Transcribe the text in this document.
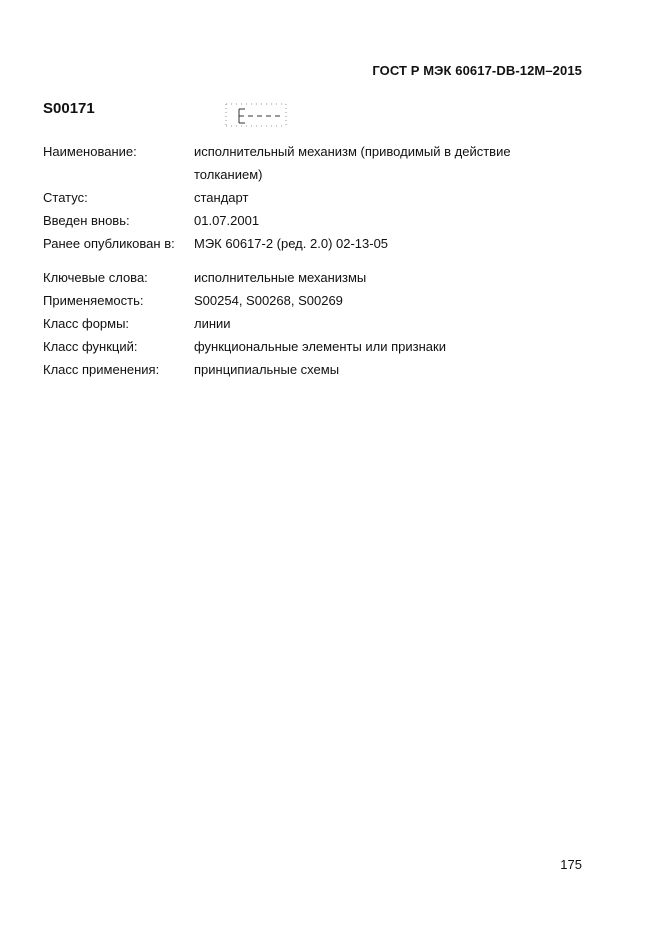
ГОСТ Р МЭК 60617-DB-12M–2015
S00171
Наименование:	исполнительный механизм (приводимый в действие толканием)
Статус:	стандарт
Введен вновь:	01.07.2001
Ранее опубликован в:	МЭК 60617-2 (ред. 2.0) 02-13-05
Ключевые слова:	исполнительные механизмы
Применяемость:	S00254, S00268, S00269
Класс формы:	линии
Класс функций:	функциональные элементы или признаки
Класс применения:	принципиальные схемы
175
